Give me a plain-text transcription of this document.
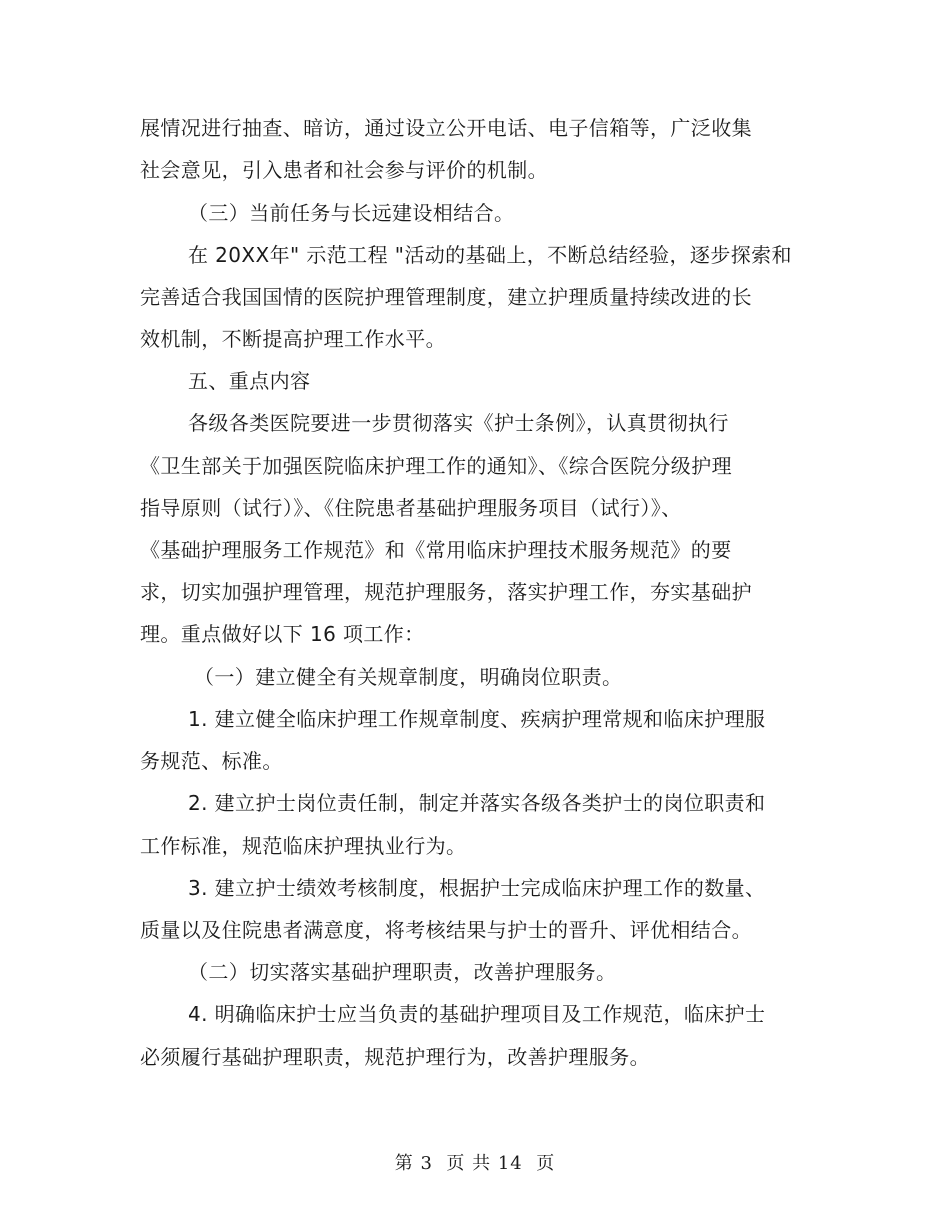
展情况进行抽查、暗访，通过设立公开电话、电子信箱等，广泛收集
社会意见，引入患者和社会参与评价的机制。
（三）当前任务与长远建设相结合。
在 20XX年" 示范工程 "活动的基础上，不断总结经验，逐步探索和
完善适合我国国情的医院护理管理制度，建立护理质量持续改进的长
效机制，不断提高护理工作水平。
五、重点内容
各级各类医院要进一步贯彻落实《护士条例》，认真贯彻执行
《卫生部关于加强医院临床护理工作的通知》、《综合医院分级护理
指导原则（试行）》、《住院患者基础护理服务项目（试行）》、
《基础护理服务工作规范》和《常用临床护理技术服务规范》的要
求，切实加强护理管理，规范护理服务，落实护理工作，夯实基础护
理。重点做好以下 16 项工作：
（一）建立健全有关规章制度，明确岗位职责。
1. 建立健全临床护理工作规章制度、疾病护理常规和临床护理服
务规范、标准。
2. 建立护士岗位责任制，制定并落实各级各类护士的岗位职责和
工作标准，规范临床护理执业行为。
3. 建立护士绩效考核制度，根据护士完成临床护理工作的数量、
质量以及住院患者满意度，将考核结果与护士的晋升、评优相结合。
（二）切实落实基础护理职责，改善护理服务。
4. 明确临床护士应当负责的基础护理项目及工作规范，临床护士
必须履行基础护理职责，规范护理行为，改善护理服务。
第 3  页 共 14  页
